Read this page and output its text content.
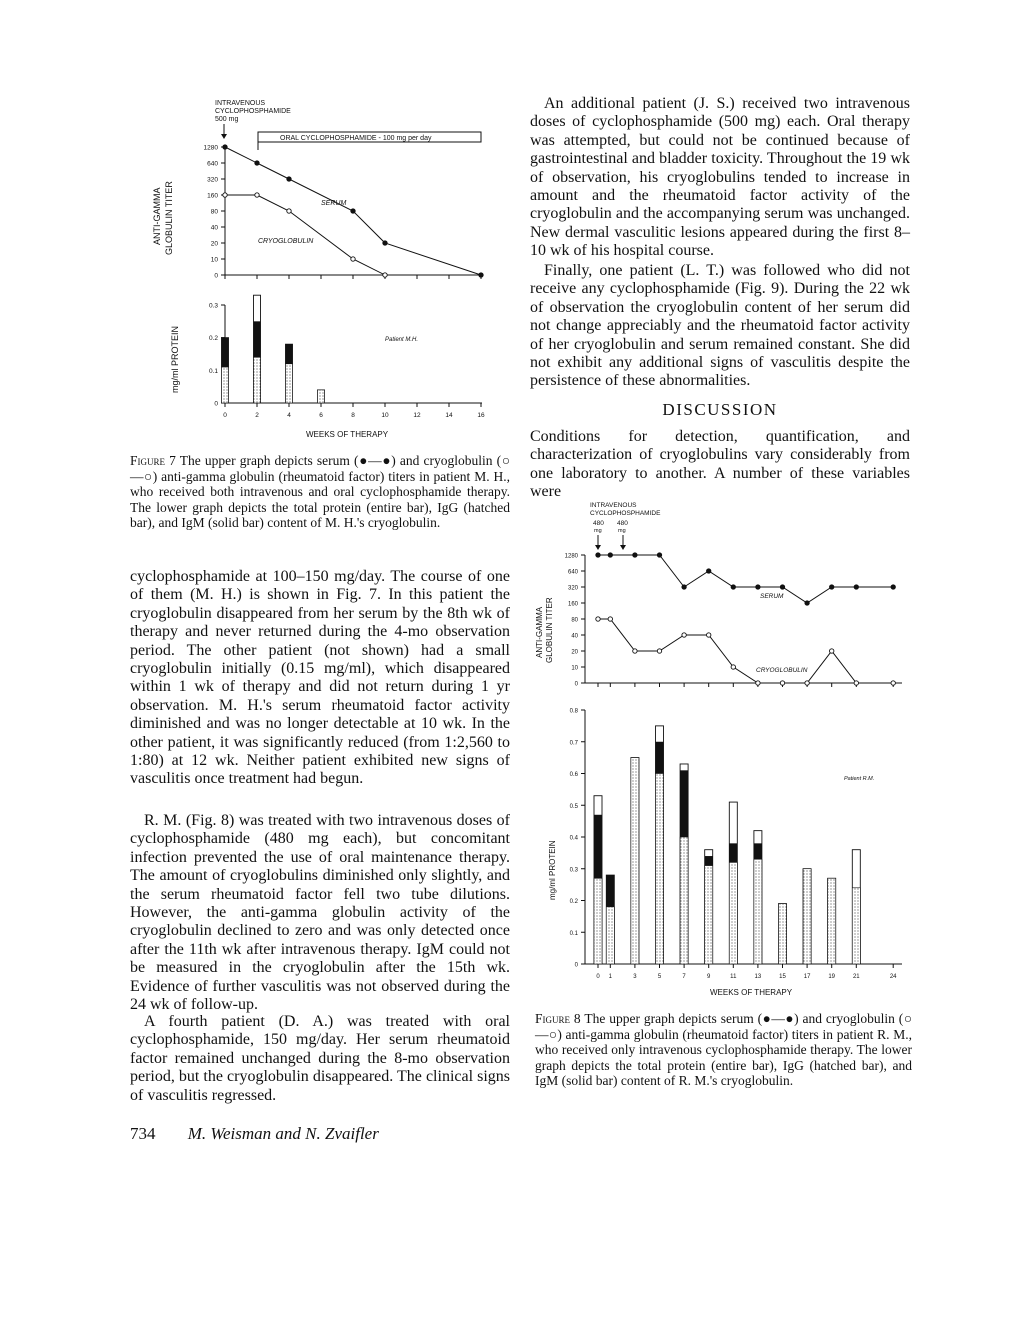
INTRAVENOUS
CYCLOPHOSPHAMIDE
500 mg
ORAL CYCLOPHOSPHAMIDE - 100 mg per day
1280
640
320
160
80
40
20
10
0
ANTI-GAMMA GLOBULIN TITER	SERUM
CRYOGLOBULIN
0.3
0.2
0.1
0
0	2	4	6	8	10	12	14	16
mg/ml PROTEIN	Patient M.H.
WEEKS OF THERAPY

Figure 7 The upper graph depicts serum (●—●) and cryoglobulin (○—○) anti-gamma globulin (rheumatoid factor) titers in patient M. H., who received both intravenous and oral cyclophosphamide therapy. The lower graph depicts the total protein (entire bar), IgG (hatched bar), and IgM (solid bar) content of M. H.'s cryoglobulin.

cyclophosphamide at 100–150 mg/day. The course of one of them (M. H.) is shown in Fig. 7. In this patient the cryoglobulin disappeared from her serum by the 8th wk of therapy and never returned during the 4-mo observation period. The other patient (not shown) had a small cryoglobulin initially (0.15 mg/ml), which disappeared within 1 wk of therapy and did not return during 1 yr observation. M. H.'s serum rheumatoid factor activity diminished and was no longer detectable at 10 wk. In the other patient, it was significantly reduced (from 1:2,560 to 1:80) at 12 wk. Neither patient exhibited new signs of vasculitis once treatment had begun.

R. M. (Fig. 8) was treated with two intravenous doses of cyclophosphamide (480 mg each), but concomitant infection prevented the use of oral maintenance therapy. The amount of cryoglobulins diminished only slightly, and the serum rheumatoid factor fell two tube dilutions. However, the anti-gamma globulin activity of the cryoglobulin declined to zero and was only detected once after the 11th wk after intravenous therapy. IgM could not be measured in the cryoglobulin after the 15th wk. Evidence of further vasculitis was not observed during the 24 wk of follow-up.

A fourth patient (D. A.) was treated with oral cyclophosphamide, 150 mg/day. Her serum rheumatoid factor remained unchanged during the 8-mo observation period, but the cryoglobulin disappeared. The clinical signs of vasculitis regressed.

An additional patient (J. S.) received two intravenous doses of cyclophosphamide (500 mg) each. Oral therapy was attempted, but could not be continued because of gastrointestinal and bladder toxicity. Throughout the 19 wk of observation, his cryoglobulins tended to increase in amount and the rheumatoid factor activity of the cryoglobulin and the accompanying serum was unchanged. New dermal vasculitic lesions appeared during the first 8–10 wk of his hospital course.

Finally, one patient (L. T.) was followed who did not receive any cyclophosphamide (Fig. 9). During the 22 wk of observation the cryoglobulin content of her serum did not change appreciably and the rheumatoid factor activity of her cryoglobulin and serum remained constant. She did not exhibit any additional signs of vasculitis despite the persistence of these abnormalities.

DISCUSSION

Conditions for detection, quantification, and characterization of cryoglobulins vary considerably from one laboratory to another. A number of these variables were

INTRAVENOUS
CYCLOPHOSPHAMIDE
480 480
mg	mg
1280
640
320
160
80
40
20
10
0
ANTI-GAMMA GLOBULIN TITER
SERUM
CRYOGLOBULIN
0.8
0.7
0.6
0.5
0.4
0.3
0.2
0.1
0
0 1	3	5	7	9	11	13	15	17	19	21	24
mg/ml PROTEIN
Patient R.M.
WEEKS OF THERAPY

Figure 8 The upper graph depicts serum (●—●) and cryoglobulin (○—○) anti-gamma globulin (rheumatoid factor) titers in patient R. M., who received only intravenous cyclophosphamide therapy. The lower graph depicts the total protein (entire bar), IgG (hatched bar), and IgM (solid bar) content of R. M.'s cryoglobulin.

734 M. Weisman and N. Zvaifler
